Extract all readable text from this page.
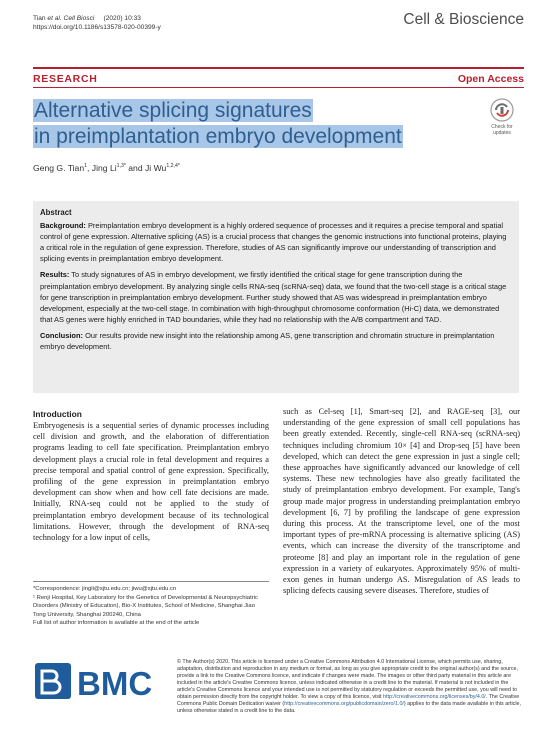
Tian et al. Cell Biosci (2020) 10:33
https://doi.org/10.1186/s13578-020-00399-y	Cell & Bioscience
RESEARCH	Open Access
Alternative splicing signatures
in preimplantation embryo development	Check for
updates
Geng G. Tian$^1$, Jing $Li^{1,3*}$ and Ji $Wu^{1,2,4*}$
Abstract

Background: Preimplantation embryo development is a highly ordered sequence of processes and it requires a precise temporal and spatial control of gene expression. Alternative splicing (AS) is a crucial process that changes the genomic instructions into functional proteins, playing a critical role in the regulation of gene expression. Therefore, studies of AS can significantly improve our understanding of transcription and splicing events in preimplantation embryo development.

Results: To study signatures of AS in embryo development, we firstly identified the critical stage for gene transcription during the preimplantation embryo development. By analyzing single cells RNA-seq (scRNA-seq) data, we found that the two-cell stage is a critical stage for gene transcription in preimplantation embryo development. Further study showed that AS was widespread in preimplantation embryo development, especially at the two-cell stage. In combination with high-throughput chromosome conformation (Hi-C) data, we demonstrated that AS genes were highly enriched in TAD boundaries, while they had no relationship with the A/B compartment and TAD.

Conclusion: Our results provide new insight into the relationship among AS, gene transcription and chromatin structure in preimplantation embryo development.

Introduction
Embryogenesis is a sequential series of dynamic processes including cell division and growth, and the elaboration of differentiation programs leading to cell fate specification. Preimplantation embryo development plays a crucial role in fetal development and requires a precise temporal and spatial control of gene expression. Specifically, profiling of the gene expression in preimplantation embryo development can show when and how cell fate decisions are made. Initially, RNA-seq could not be applied to the study of preimplantation embryo development because of its technological limitations. However, through the development of RNA-seq technology for a low input of cells,
such as Cel-seq [1], Smart-seq [2], and RAGE-seq [3], our understanding of the gene expression of small cell populations has been greatly extended. Recently, single-cell RNA-seq (scRNA-seq) techniques including chromium 10× [4] and Drop-seq [5] have been developed, which can detect the gene expression in just a single cell; these approaches have significantly advanced our knowledge of cell systems. These new technologies have also greatly facilitated the study of preimplantation embryo development. For example, Tang's group made major progress in understanding preimplantation embryo development [6, 7] by profiling the landscape of gene expression during this process. At the transcriptome level, one of the most important types of pre-mRNA processing is alternative splicing (AS) events, which can increase the diversity of the transcriptome and proteome [8] and play an important role in the regulation of gene expression in a variety of eukaryotes. Approximately 95% of multi-exon genes in human undergo AS. Misregulation of AS leads to splicing defects causing severe diseases. Therefore, studies of

*Correspondence: jingli@sjtu.edu.cn; jiwu@sjtu.edu.cn

¹ Renji Hospital, Key Laboratory for the Genetics of Developmental & Neuropsychiatric Disorders (Ministry of Education), Bio-X Institutes, School of Medicine, Shanghai Jiao Tong University, Shanghai 200240, China

Full list of author information is available at the end of the article

BMC
© The Author(s) 2020. This article is licensed under a Creative Commons Attribution 4.0 International License, which permits use, sharing, adaptation, distribution and reproduction in any medium or format, as long as you give appropriate credit to the original author(s) and the source, provide a link to the Creative Commons licence, and indicate if changes were made. The images or other third party material in this article are included in the article's Creative Commons licence, unless indicated otherwise in a credit line to the material. If material is not included in the article's Creative Commons licence and your intended use is not permitted by statutory regulation or exceeds the permitted use, you will need to obtain permission directly from the copyright holder. To view a copy of this licence, visit http://creativecommons.org/licenses/by/4.0/. The Creative Commons Public Domain Dedication waiver (http://creativecommons.org/publicdomain/zero/1.0/) applies to the data made available in this article, unless otherwise stated in a credit line to the data.
